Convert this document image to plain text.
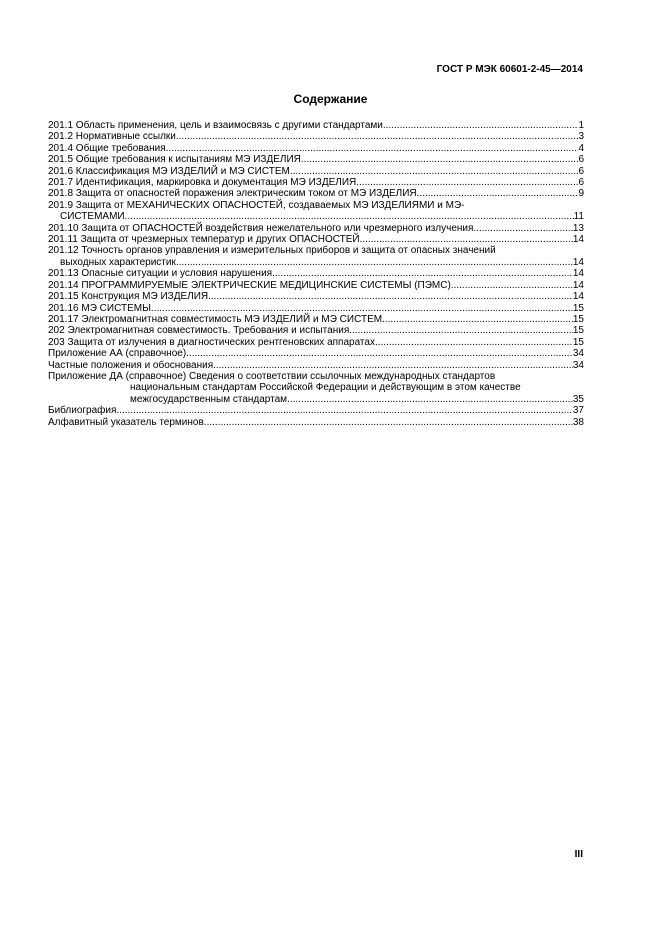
ГОСТ Р МЭК 60601-2-45—2014
Содержание
201.1 Область применения, цель и взаимосвязь с другими стандартами .....	1
201.2 Нормативные ссылки .....	3
201.4 Общие требования .....	4
201.5 Общие требования к испытаниям МЭ ИЗДЕЛИЯ .....	6
201.6 Классификация МЭ ИЗДЕЛИЙ и МЭ СИСТЕМ .....	6
201.7 Идентификация, маркировка и документация МЭ ИЗДЕЛИЯ .....	6
201.8 Защита от опасностей поражения электрическим током от МЭ ИЗДЕЛИЯ .....	9
201.9 Защита от МЕХАНИЧЕСКИХ ОПАСНОСТЕЙ, создаваемых МЭ ИЗДЕЛИЯМИ и МЭ-
СИСТЕМАМИ .....	11
201.10 Защита от ОПАСНОСТЕЙ воздействия нежелательного или чрезмерного излучения .....	13
201.11 Защита от чрезмерных температур и других ОПАСНОСТЕЙ .....	14
201.12 Точность органов управления и измерительных приборов и защита от опасных значений
выходных характеристик .....	14
201.13 Опасные ситуации и условия нарушения .....	14
201.14 ПРОГРАММИРУЕМЫЕ ЭЛЕКТРИЧЕСКИЕ МЕДИЦИНСКИЕ СИСТЕМЫ (ПЭМС) .....	14
201.15 Конструкция МЭ ИЗДЕЛИЯ .....	14
201.16 МЭ СИСТЕМЫ .....	15
201.17 Электромагнитная совместимость МЭ ИЗДЕЛИЙ и МЭ СИСТЕМ .....	15
202 Электромагнитная совместимость. Требования и испытания .....	15
203 Защита от излучения в диагностических рентгеновских аппаратах .....	15
Приложение АА (справочное) .....	34
Частные положения и обоснования .....	34
Приложение ДА (справочное) Сведения о соответствии ссылочных международных стандартов
национальным стандартам Российской Федерации и действующим в этом качестве
межгосударственным стандартам .....	35
Библиография .....	37
Алфавитный указатель терминов .....	38
III
